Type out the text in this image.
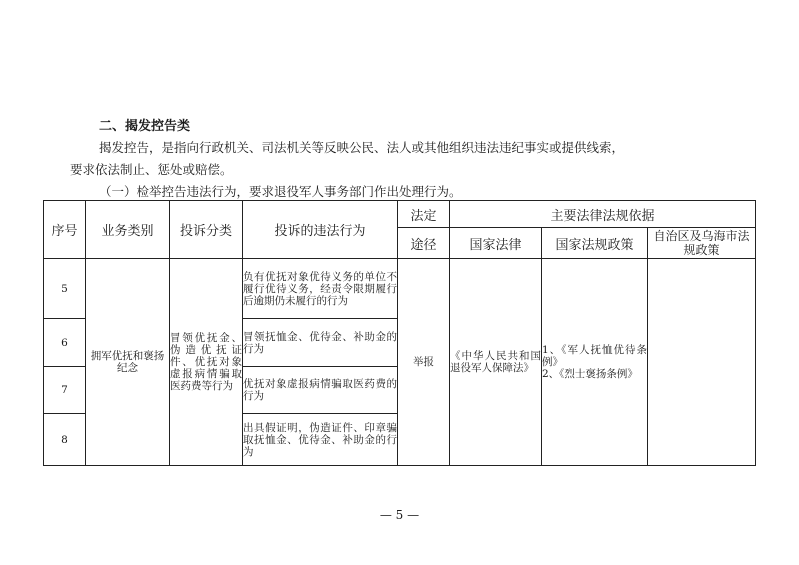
二、揭发控告类
揭发控告，是指向行政机关、司法机关等反映公民、法人或其他组织违法违纪事实或提供线索，
要求依法制止、惩处或赔偿。
（一）检举控告违法行为，要求退役军人事务部门作出处理行为。
序号	业务类别	投诉分类	投诉的违法行为	法定	主要法律法规依据		
				途径	国家法律	国家法规政策	自治区及乌海市法规政策
5	拥军优抚和褒扬纪念	冒领优抚金、伪造优抚证件、优抚对象虚报病情骗取医药费等行为	负有优抚对象优待义务的单位不履行优待义务，经责令限期履行后逾期仍未履行的行为	举报	《中华人民共和国退役军人保障法》	1、《军人抚恤优待条例》
2、《烈士褒扬条例》	

6			冒领抚恤金、优待金、补助金的行为				
7			优抚对象虚报病情骗取医药费的行为				
8			出具假证明，伪造证件、印章骗取抚恤金、优待金、补助金的行为				
— 5 —
